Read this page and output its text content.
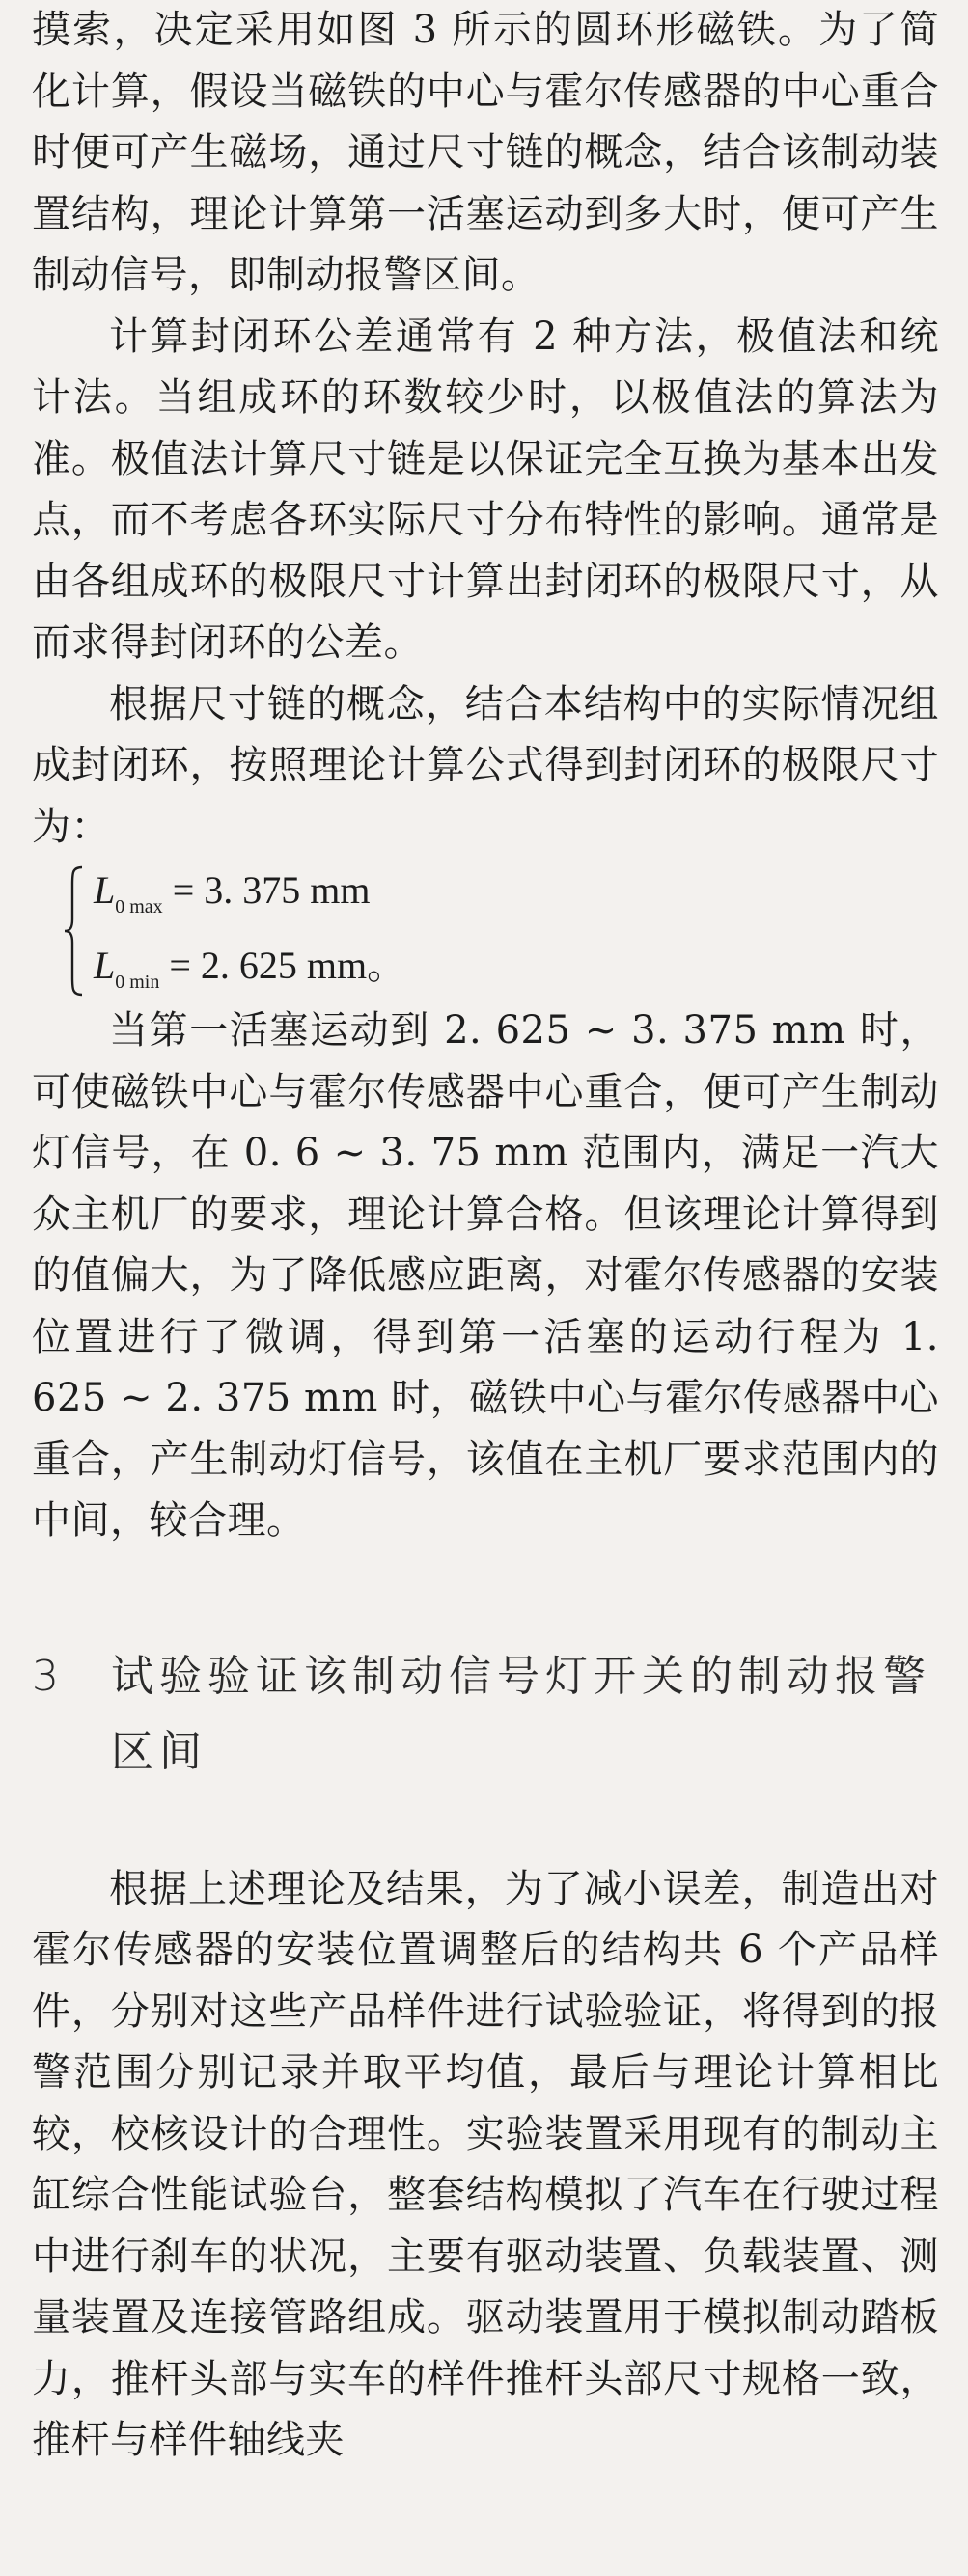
摸索，决定采用如图 3 所示的圆环形磁铁。为了简化计算，假设当磁铁的中心与霍尔传感器的中心重合时便可产生磁场，通过尺寸链的概念，结合该制动装置结构，理论计算第一活塞运动到多大时，便可产生制动信号，即制动报警区间。

计算封闭环公差通常有 2 种方法，极值法和统计法。当组成环的环数较少时，以极值法的算法为准。极值法计算尺寸链是以保证完全互换为基本出发点，而不考虑各环实际尺寸分布特性的影响。通常是由各组成环的极限尺寸计算出封闭环的极限尺寸，从而求得封闭环的公差。

根据尺寸链的概念，结合本结构中的实际情况组成封闭环，按照理论计算公式得到封闭环的极限尺寸为：

$L_{0 max} = 3$. 375 mm
$L_{0 min} = 2$. 625 mm。

当第一活塞运动到 2. 625 ~ 3. 375 mm 时，可使磁铁中心与霍尔传感器中心重合，便可产生制动灯信号，在 0. 6 ~ 3. 75 mm 范围内，满足一汽大众主机厂的要求，理论计算合格。但该理论计算得到的值偏大，为了降低感应距离，对霍尔传感器的安装位置进行了微调，得到第一活塞的运动行程为 1. 625 ~ 2. 375 mm 时，磁铁中心与霍尔传感器中心重合，产生制动灯信号，该值在主机厂要求范围内的中间，较合理。

3	试验验证该制动信号灯开关的制动报警区间

根据上述理论及结果，为了减小误差，制造出对霍尔传感器的安装位置调整后的结构共 6 个产品样件，分别对这些产品样件进行试验验证，将得到的报警范围分别记录并取平均值，最后与理论计算相比较，校核设计的合理性。实验装置采用现有的制动主缸综合性能试验台，整套结构模拟了汽车在行驶过程中进行刹车的状况，主要有驱动装置、负载装置、测量装置及连接管路组成。驱动装置用于模拟制动踏板力，推杆头部与实车的样件推杆头部尺寸规格一致，推杆与样件轴线夹
